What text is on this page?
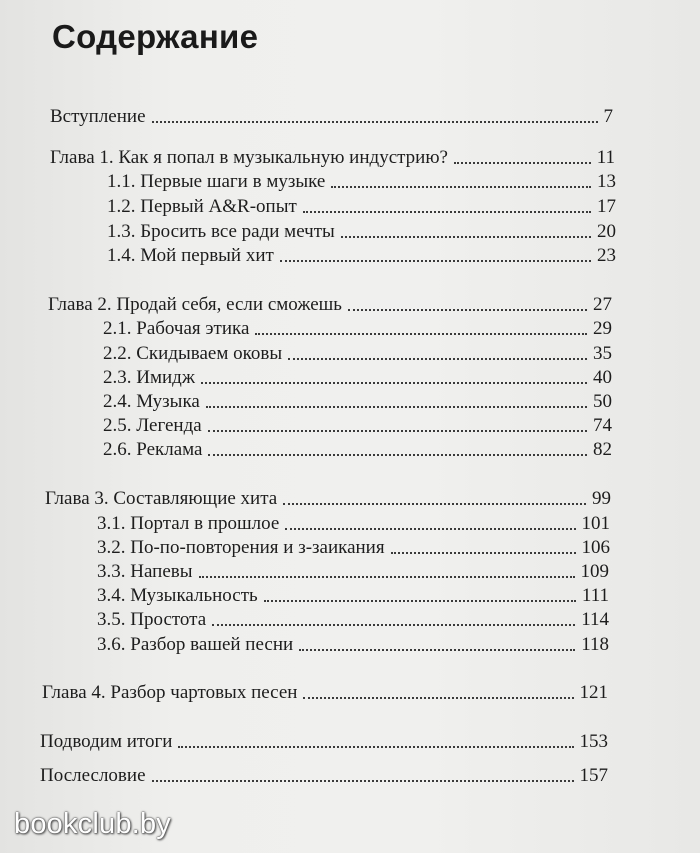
Содержание
Вступление	7
Глава 1. Как я попал в музыкальную индустрию?	11
1.1. Первые шаги в музыке	13
1.2. Первый A&R-опыт	17
1.3. Бросить все ради мечты	20
1.4. Мой первый хит	23
Глава 2. Продай себя, если сможешь	27
2.1. Рабочая этика	29
2.2. Скидываем оковы	35
2.3. Имидж	40
2.4. Музыка	50
2.5. Легенда	74
2.6. Реклама	82
Глава 3. Составляющие хита	99
3.1. Портал в прошлое	101
3.2. По-по-повторения и з-заикания	106
3.3. Напевы	109
3.4. Музыкальность	111
3.5. Простота	114
3.6. Разбор вашей песни	118
Глава 4. Разбор чартовых песен	121
Подводим итоги	153
Послесловие	157
bookclub.by
